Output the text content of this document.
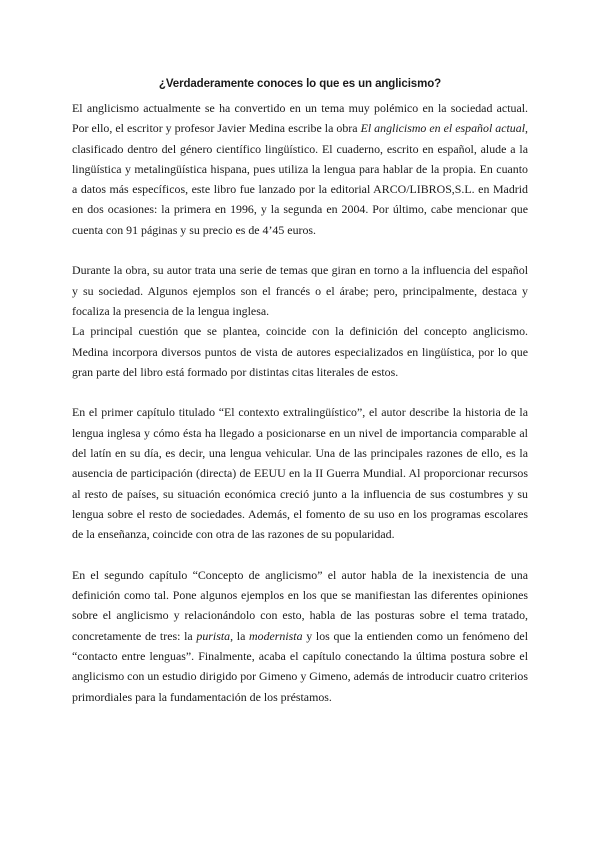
¿Verdaderamente conoces lo que es un anglicismo?

El anglicismo actualmente se ha convertido en un tema muy polémico en la sociedad actual. Por ello, el escritor y profesor Javier Medina escribe la obra El anglicismo en el español actual, clasificado dentro del género científico lingüístico. El cuaderno, escrito en español, alude a la lingüística y metalingüística hispana, pues utiliza la lengua para hablar de la propia. En cuanto a datos más específicos, este libro fue lanzado por la editorial ARCO/LIBROS,S.L. en Madrid en dos ocasiones: la primera en 1996, y la segunda en 2004. Por último, cabe mencionar que cuenta con 91 páginas y su precio es de 4’45 euros.

Durante la obra, su autor trata una serie de temas que giran en torno a la influencia del español y su sociedad. Algunos ejemplos son el francés o el árabe; pero, principalmente, destaca y focaliza la presencia de la lengua inglesa.

La principal cuestión que se plantea, coincide con la definición del concepto anglicismo. Medina incorpora diversos puntos de vista de autores especializados en lingüística, por lo que gran parte del libro está formado por distintas citas literales de estos.

En el primer capítulo titulado “El contexto extralingüístico”, el autor describe la historia de la lengua inglesa y cómo ésta ha llegado a posicionarse en un nivel de importancia comparable al del latín en su día, es decir, una lengua vehicular. Una de las principales razones de ello, es la ausencia de participación (directa) de EEUU en la II Guerra Mundial. Al proporcionar recursos al resto de países, su situación económica creció junto a la influencia de sus costumbres y su lengua sobre el resto de sociedades. Además, el fomento de su uso en los programas escolares de la enseñanza, coincide con otra de las razones de su popularidad.

En el segundo capítulo “Concepto de anglicismo” el autor habla de la inexistencia de una definición como tal. Pone algunos ejemplos en los que se manifiestan las diferentes opiniones sobre el anglicismo y relacionándolo con esto, habla de las posturas sobre el tema tratado, concretamente de tres: la purista, la modernista y los que la entienden como un fenómeno del “contacto entre lenguas”. Finalmente, acaba el capítulo conectando la última postura sobre el anglicismo con un estudio dirigido por Gimeno y Gimeno, además de introducir cuatro criterios primordiales para la fundamentación de los préstamos.
